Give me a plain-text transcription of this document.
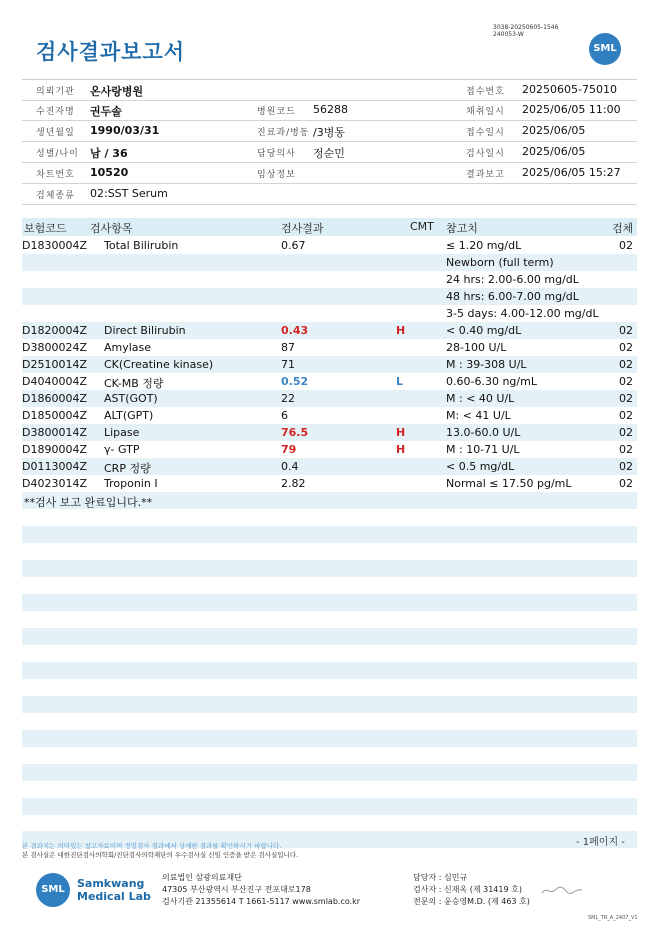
검사결과보고서
3038-20250605-1546
240053-W
SML
의뢰기관 온사랑병원	접수번호 20250605-75010
수진자명 권두솔	병원코드 56288	채취일시 2025/06/05 11:00
생년월일 1990/03/31	진료과/병동 /3병동	접수일시 2025/06/05
성별/나이 남 / 36	담당의사 정순민	검사일시 2025/06/05
차트번호 10520	임상정보	결과보고 2025/06/05 15:27
검체종류 02:SST Serum
보험코드 검사항목	검사결과	CMT 참고치	검체
D1830004Z Total Bilirubin	0.67	≤ 1.20 mg/dL	02
Newborn (full term)
24 hrs: 2.00-6.00 mg/dL
48 hrs: 6.00-7.00 mg/dL
3-5 days: 4.00-12.00 mg/dL
D1820004Z Direct Bilirubin	0.43	H	< 0.40 mg/dL	02
D3800024Z Amylase	87	28-100 U/L	02
D2510014Z CK(Creatine kinase)	71	M : 39-308 U/L	02
D4040004Z CK-MB 정량	0.52	L	0.60-6.30 ng/mL	02
D1860004Z AST(GOT)	22	M : < 40 U/L	02
D1850004Z ALT(GPT)	6	M: < 41 U/L	02
D3800014Z Lipase	76.5	H	13.0-60.0 U/L	02
D1890004Z γ- GTP	79	H	M : 10-71 U/L	02
D0113004Z CRP 정량	0.4	< 0.5 mg/dL	02
D4023014Z Troponin I	2.82	Normal ≤ 17.50 pg/mL	02
**검사 보고 완료입니다.**
본 결과지는 의미있는 참고자료이며 정밀검사 결과에서 상세한 결과를 확인하시기 바랍니다.
본 검사실은 대한진단검사의학회/진단검사의학재단의 우수검사실 신임 인증을 받은 검사실입니다.
- 1페이지 -
SML	Samkwang
Medical Lab
의료법인 삼광의료재단
47305 부산광역시 부산진구 전포대로178
검사기관 21355614 T 1661-5117 www.smlab.co.kr
담당자 : 심민규
검사자 : 신재옥 (제 31419 호)
전문의 : 윤승영M.D. (제 463 호)
SML_TR_A_2407_V1
